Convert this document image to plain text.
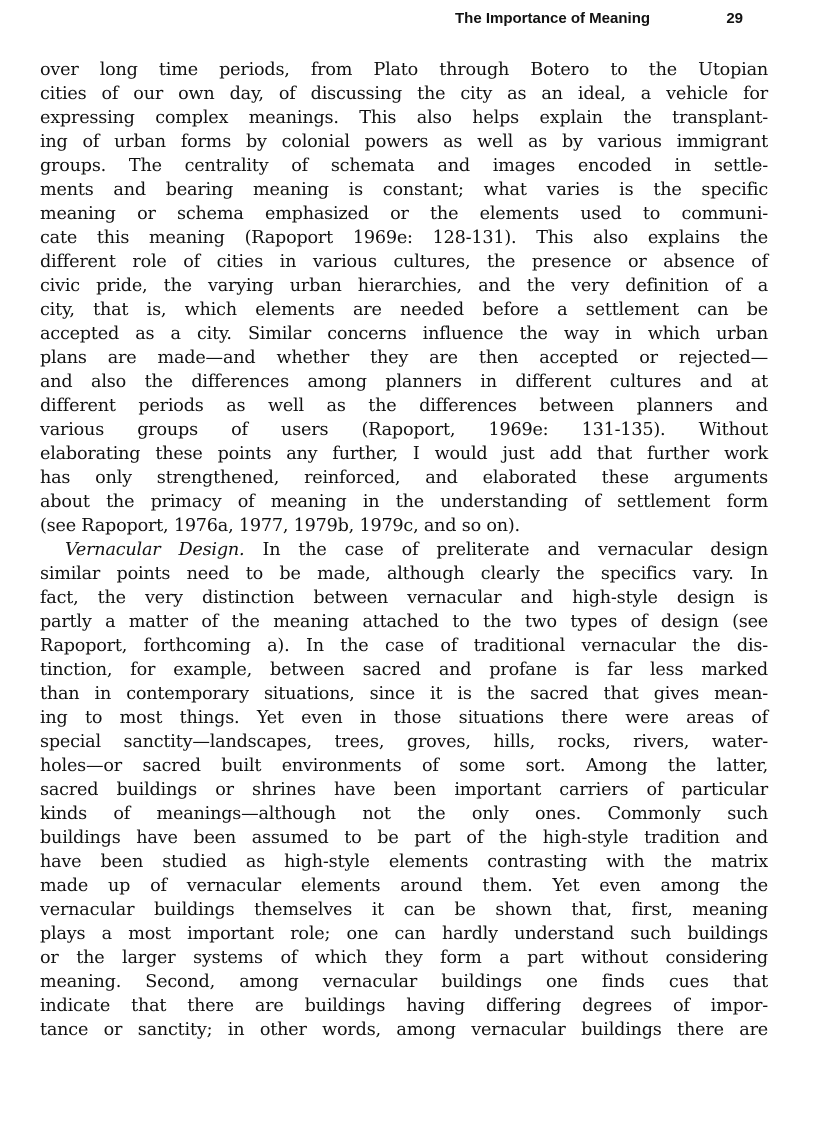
The Importance of Meaning	29
over long time periods, from Plato through Botero to the Utopian
cities of our own day, of discussing the city as an ideal, a vehicle for
expressing complex meanings. This also helps explain the transplant-
ing of urban forms by colonial powers as well as by various immigrant
groups. The centrality of schemata and images encoded in settle-
ments and bearing meaning is constant; what varies is the specific
meaning or schema emphasized or the elements used to communi-
cate this meaning (Rapoport 1969e: 128-131). This also explains the
different role of cities in various cultures, the presence or absence of
civic pride, the varying urban hierarchies, and the very definition of a
city, that is, which elements are needed before a settlement can be
accepted as a city. Similar concerns influence the way in which urban
plans are made—and whether they are then accepted or rejected—
and also the differences among planners in different cultures and at
different periods as well as the differences between planners and
various groups of users (Rapoport, 1969e: 131-135). Without
elaborating these points any further, I would just add that further work
has only strengthened, reinforced, and elaborated these arguments
about the primacy of meaning in the understanding of settlement form
(see Rapoport, 1976a, 1977, 1979b, 1979c, and so on).
Vernacular Design. In the case of preliterate and vernacular design
similar points need to be made, although clearly the specifics vary. In
fact, the very distinction between vernacular and high-style design is
partly a matter of the meaning attached to the two types of design (see
Rapoport, forthcoming a). In the case of traditional vernacular the dis-
tinction, for example, between sacred and profane is far less marked
than in contemporary situations, since it is the sacred that gives mean-
ing to most things. Yet even in those situations there were areas of
special sanctity—landscapes, trees, groves, hills, rocks, rivers, water-
holes—or sacred built environments of some sort. Among the latter,
sacred buildings or shrines have been important carriers of particular
kinds of meanings—although not the only ones. Commonly such
buildings have been assumed to be part of the high-style tradition and
have been studied as high-style elements contrasting with the matrix
made up of vernacular elements around them. Yet even among the
vernacular buildings themselves it can be shown that, first, meaning
plays a most important role; one can hardly understand such buildings
or the larger systems of which they form a part without considering
meaning. Second, among vernacular buildings one finds cues that
indicate that there are buildings having differing degrees of impor-
tance or sanctity; in other words, among vernacular buildings there are
